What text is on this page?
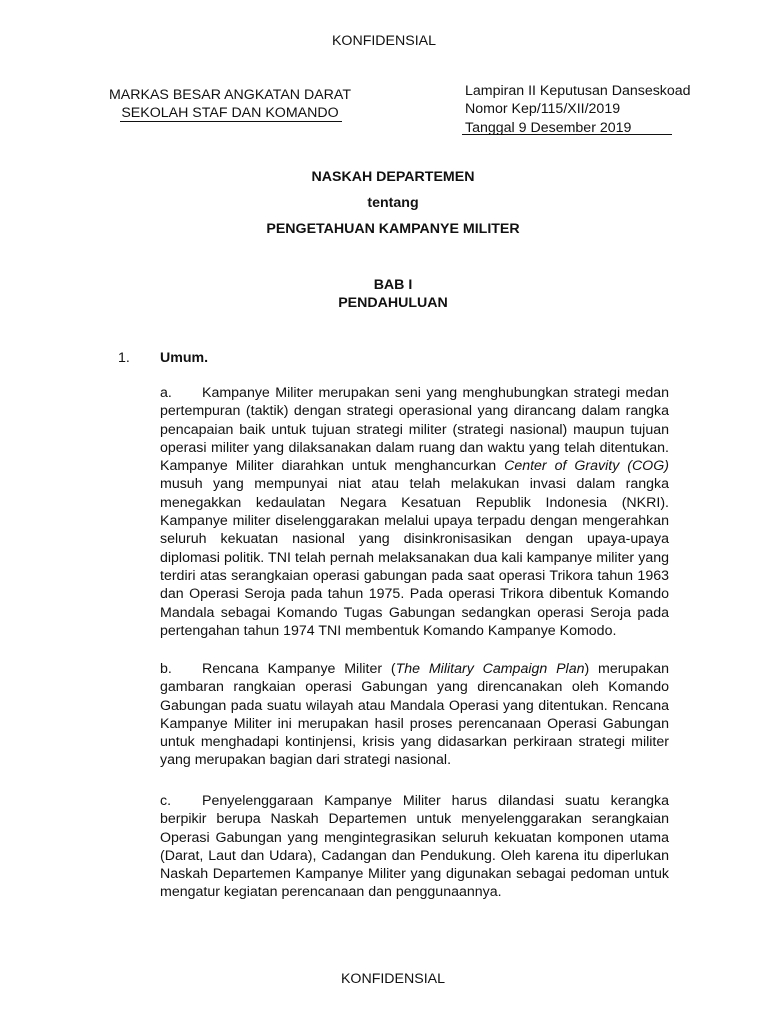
KONFIDENSIAL
MARKAS BESAR ANGKATAN DARAT
SEKOLAH STAF DAN KOMANDO
Lampiran II Keputusan Danseskoad
Nomor Kep/115/XII/2019
Tanggal 9 Desember 2019
NASKAH DEPARTEMEN
tentang
PENGETAHUAN KAMPANYE MILITER
BAB I
PENDAHULUAN
1. Umum.
a. Kampanye Militer merupakan seni yang menghubungkan strategi medan pertempuran (taktik) dengan strategi operasional yang dirancang dalam rangka pencapaian baik untuk tujuan strategi militer (strategi nasional) maupun tujuan operasi militer yang dilaksanakan dalam ruang dan waktu yang telah ditentukan. Kampanye Militer diarahkan untuk menghancurkan Center of Gravity (COG) musuh yang mempunyai niat atau telah melakukan invasi dalam rangka menegakkan kedaulatan Negara Kesatuan Republik Indonesia (NKRI). Kampanye militer diselenggarakan melalui upaya terpadu dengan mengerahkan seluruh kekuatan nasional yang disinkronisasikan dengan upaya-upaya diplomasi politik. TNI telah pernah melaksanakan dua kali kampanye militer yang terdiri atas serangkaian operasi gabungan pada saat operasi Trikora tahun 1963 dan Operasi Seroja pada tahun 1975. Pada operasi Trikora dibentuk Komando Mandala sebagai Komando Tugas Gabungan sedangkan operasi Seroja pada pertengahan tahun 1974 TNI membentuk Komando Kampanye Komodo.
b. Rencana Kampanye Militer (The Military Campaign Plan) merupakan gambaran rangkaian operasi Gabungan yang direncanakan oleh Komando Gabungan pada suatu wilayah atau Mandala Operasi yang ditentukan. Rencana Kampanye Militer ini merupakan hasil proses perencanaan Operasi Gabungan untuk menghadapi kontinjensi, krisis yang didasarkan perkiraan strategi militer yang merupakan bagian dari strategi nasional.
c. Penyelenggaraan Kampanye Militer harus dilandasi suatu kerangka berpikir berupa Naskah Departemen untuk menyelenggarakan serangkaian Operasi Gabungan yang mengintegrasikan seluruh kekuatan komponen utama (Darat, Laut dan Udara), Cadangan dan Pendukung. Oleh karena itu diperlukan Naskah Departemen Kampanye Militer yang digunakan sebagai pedoman untuk mengatur kegiatan perencanaan dan penggunaannya.
KONFIDENSIAL
